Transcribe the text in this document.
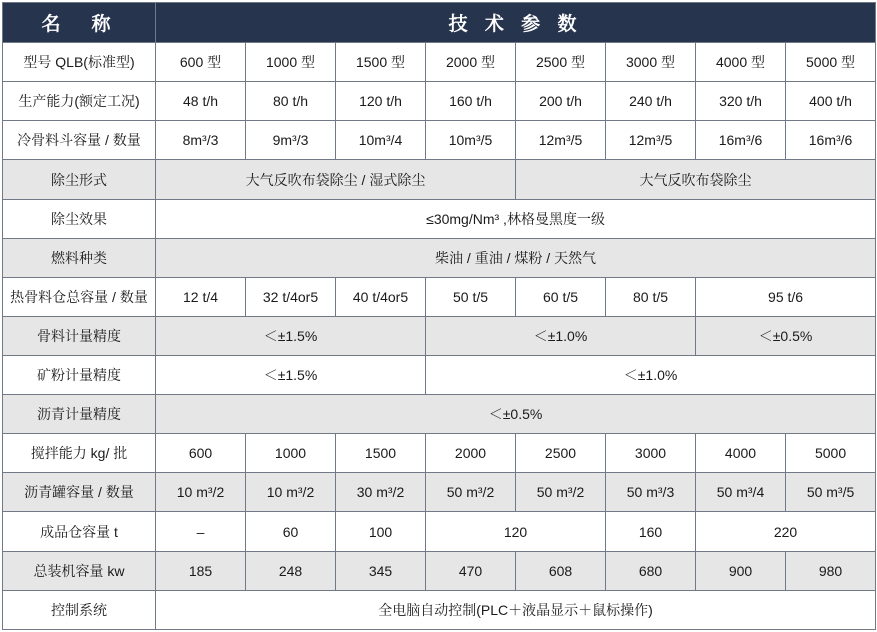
名　称	技 术 参 数							
型号 QLB(标准型)	600 型	1000 型	1500 型	2000 型	2500 型	3000 型	4000 型	5000 型
生产能力(额定工况)	48 t/h	80 t/h	120 t/h	160 t/h	200 t/h	240 t/h	320 t/h	400 t/h
冷骨料斗容量 / 数量	8m³/3	9m³/3	10m³/4	10m³/5	12m³/5	12m³/5	16m³/6	16m³/6
除尘形式	大气反吹布袋除尘 / 湿式除尘				大气反吹布袋除尘			
除尘效果	≤30mg/Nm³ ,林格曼黑度一级							
燃料种类	柴油 / 重油 / 煤粉 / 天然气							
热骨料仓总容量 / 数量	12 t/4	32 t/4or5	40 t/4or5	50 t/5	60 t/5	80 t/5	95 t/6	
骨料计量精度	＜±1.5%			＜±1.0%			＜±0.5%	
矿粉计量精度	＜±1.5%			＜±1.0%				
沥青计量精度	＜±0.5%							
搅拌能力 kg/ 批	600	1000	1500	2000	2500	3000	4000	5000
沥青罐容量 / 数量	10 m³/2	10 m³/2	30 m³/2	50 m³/2	50 m³/2	50 m³/3	50 m³/4	50 m³/5
成品仓容量 t	–	60	100	120		160	220	
总装机容量 kw	185	248	345	470	608	680	900	980
控制系统	全电脑自动控制(PLC＋液晶显示＋鼠标操作)							
